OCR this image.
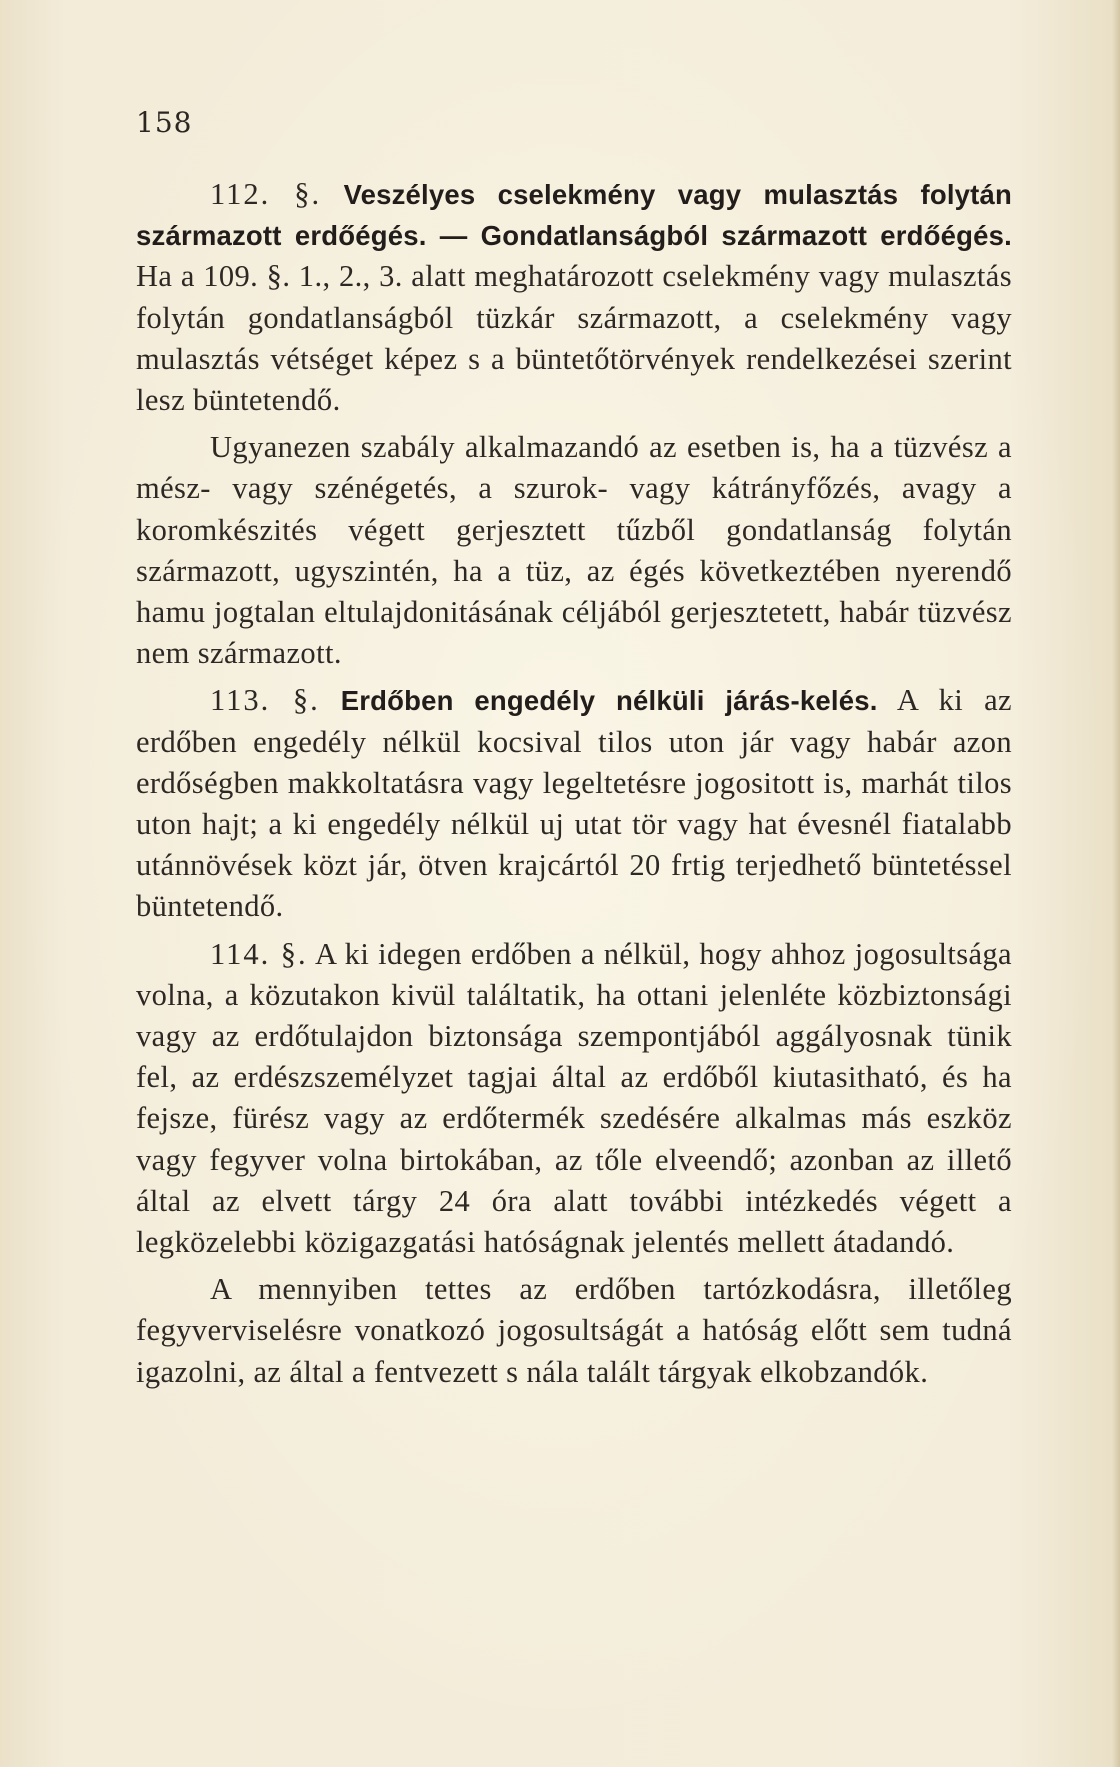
158

112. §. Veszélyes cselekmény vagy mulasztás folytán származott erdőégés. — Gondatlanságból származott erdőégés. Ha a 109. §. 1., 2., 3. alatt meghatározott cselekmény vagy mulasztás folytán gondatlanságból tüzkár származott, a cselekmény vagy mulasztás vétséget képez s a büntetőtörvények rendelkezései szerint lesz büntetendő.

Ugyanezen szabály alkalmazandó az esetben is, ha a tüzvész a mész- vagy szénégetés, a szurok- vagy kátrányfőzés, avagy a koromkészités végett gerjesztett tűzből gondatlanság folytán származott, ugyszintén, ha a tüz, az égés következtében nyerendő hamu jogtalan eltulajdonitásának céljából gerjesztetett, habár tüzvész nem származott.

113. §. Erdőben engedély nélküli járás-kelés. A ki az erdőben engedély nélkül kocsival tilos uton jár vagy habár azon erdőségben makkoltatásra vagy legeltetésre jogositott is, marhát tilos uton hajt; a ki engedély nélkül uj utat tör vagy hat évesnél fiatalabb utánnövések közt jár, ötven krajcártól 20 frtig terjedhető büntetéssel büntetendő.

114. §. A ki idegen erdőben a nélkül, hogy ahhoz jogosultsága volna, a közutakon kivül találtatik, ha ottani jelenléte közbiztonsági vagy az erdőtulajdon biztonsága szempontjából aggályosnak tünik fel, az erdészszemélyzet tagjai által az erdőből kiutasitható, és ha fejsze, fürész vagy az erdőtermék szedésére alkalmas más eszköz vagy fegyver volna birtokában, az tőle elveendő; azonban az illető által az elvett tárgy 24 óra alatt további intézkedés végett a legközelebbi közigazgatási hatóságnak jelentés mellett átadandó.

A mennyiben tettes az erdőben tartózkodásra, illetőleg fegyverviselésre vonatkozó jogosultságát a hatóság előtt sem tudná igazolni, az által a fentvezett s nála talált tárgyak elkobzandók.
